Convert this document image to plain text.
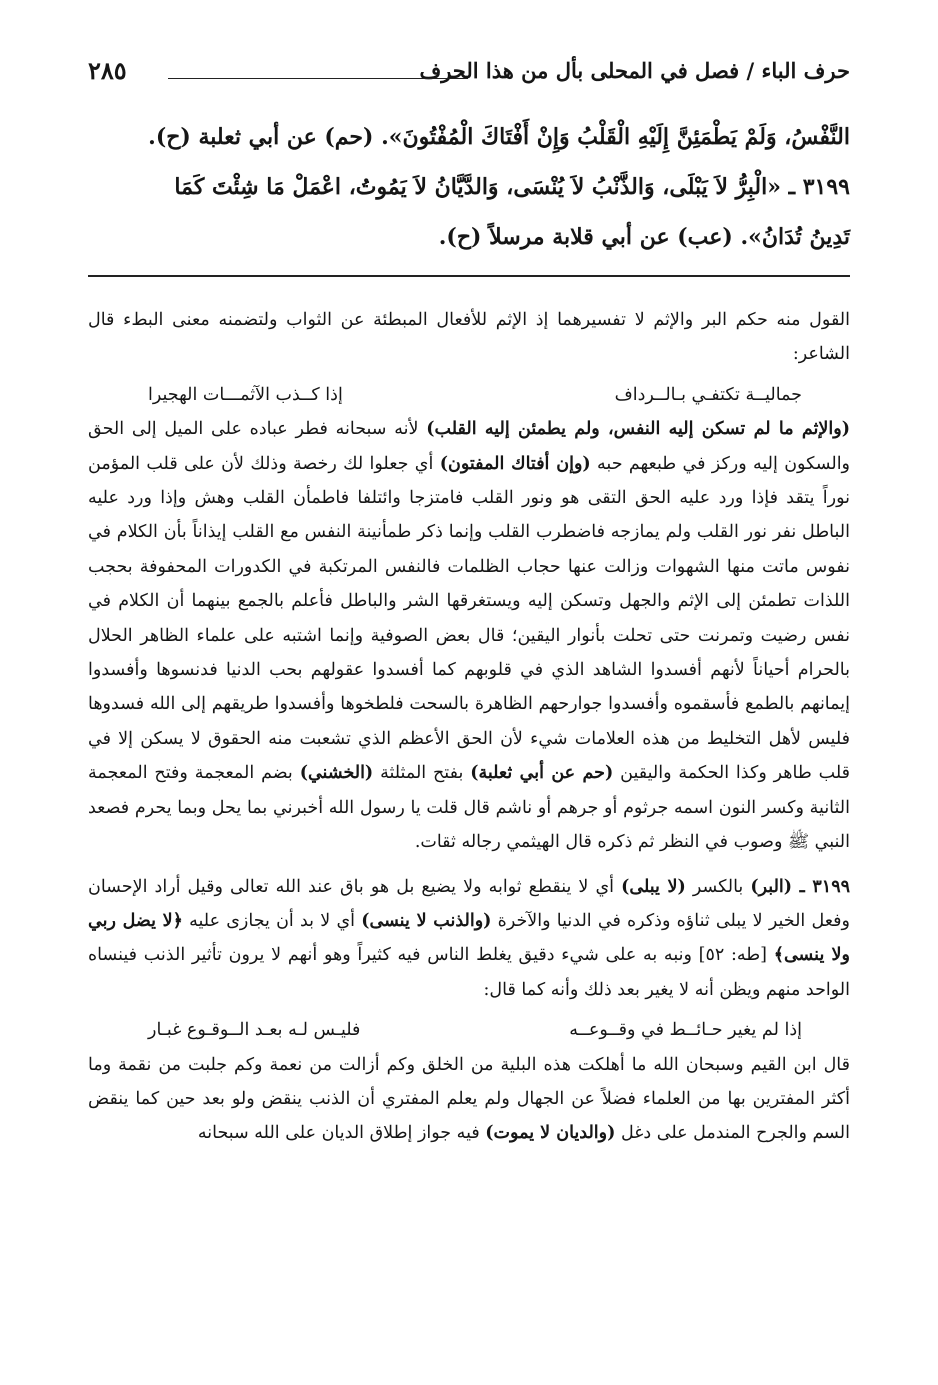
حرف الباء / فصل في المحلى بأل من هذا الحرف
٢٨٥

النَّفْسُ، وَلَمْ يَطْمَئِنَّ إِلَيْهِ الْقَلْبُ وَإِنْ أَفْتَاكَ الْمُفْتُونَ». (حم) عن أبي ثعلبة (ح).

٣١٩٩ ـ «الْبِرُّ لاَ يَبْلَى، وَالذَّنْبُ لاَ يُنْسَى، وَالدَّيَّانُ لاَ يَمُوتُ، اعْمَلْ مَا شِئْتَ كَمَا

تَدِينُ تُدَانُ». (عب) عن أبي قلابة مرسلاً (ح).

القول منه حكم البر والإثم لا تفسيرهما إذ الإثم للأفعال المبطئة عن الثواب ولتضمنه معنى البطء قال الشاعر:

جماليــة تكتفـي بـالــرداف
إذا كــذب الآثمـــات الهجيرا

(والإثم ما لم تسكن إليه النفس، ولم يطمئن إليه القلب) لأنه سبحانه فطر عباده على الميل إلى الحق والسكون إليه وركز في طبعهم حبه (وإن أفتاك المفتون) أي جعلوا لك رخصة وذلك لأن على قلب المؤمن نوراً يتقد فإذا ورد عليه الحق التقى هو ونور القلب فامتزجا وائتلفا فاطمأن القلب وهش وإذا ورد عليه الباطل نفر نور القلب ولم يمازجه فاضطرب القلب وإنما ذكر طمأنينة النفس مع القلب إيذاناً بأن الكلام في نفوس ماتت منها الشهوات وزالت عنها حجاب الظلمات فالنفس المرتكبة في الكدورات المحفوفة بحجب اللذات تطمئن إلى الإثم والجهل وتسكن إليه ويستغرقها الشر والباطل فأعلم بالجمع بينهما أن الكلام في نفس رضيت وتمرنت حتى تحلت بأنوار اليقين؛ قال بعض الصوفية وإنما اشتبه على علماء الظاهر الحلال بالحرام أحياناً لأنهم أفسدوا الشاهد الذي في قلوبهم كما أفسدوا عقولهم بحب الدنيا فدنسوها وأفسدوا إيمانهم بالطمع فأسقموه وأفسدوا جوارحهم الظاهرة بالسحت فلطخوها وأفسدوا طريقهم إلى الله فسدوها فليس لأهل التخليط من هذه العلامات شيء لأن الحق الأعظم الذي تشعبت منه الحقوق لا يسكن إلا في قلب طاهر وكذا الحكمة واليقين (حم عن أبي ثعلبة) بفتح المثلثة (الخشني) بضم المعجمة وفتح المعجمة الثانية وكسر النون اسمه جرثوم أو جرهم أو ناشم قال قلت يا رسول الله أخبرني بما يحل وبما يحرم فصعد النبي ﷺ وصوب في النظر ثم ذكره قال الهيثمي رجاله ثقات.

٣١٩٩ ـ (البر) بالكسر (لا يبلى) أي لا ينقطع ثوابه ولا يضيع بل هو باق عند الله تعالى وقيل أراد الإحسان وفعل الخير لا يبلى ثناؤه وذكره في الدنيا والآخرة (والذنب لا ينسى) أي لا بد أن يجازى عليه ﴿لا يضل ربي ولا ينسى﴾ [طه: ٥٢] ونبه به على شيء دقيق يغلط الناس فيه كثيراً وهو أنهم لا يرون تأثير الذنب فينساه الواحد منهم ويظن أنه لا يغير بعد ذلك وأنه كما قال:

إذا لم يغير حـائــط في وقــوعــه
فليـس لـه بعـد الــوقـوع غبـار

قال ابن القيم وسبحان الله ما أهلكت هذه البلية من الخلق وكم أزالت من نعمة وكم جلبت من نقمة وما أكثر المفترين بها من العلماء فضلاً عن الجهال ولم يعلم المفتري أن الذنب ينقض ولو بعد حين كما ينقض السم والجرح المندمل على دغل (والديان لا يموت) فيه جواز إطلاق الديان على الله سبحانه
